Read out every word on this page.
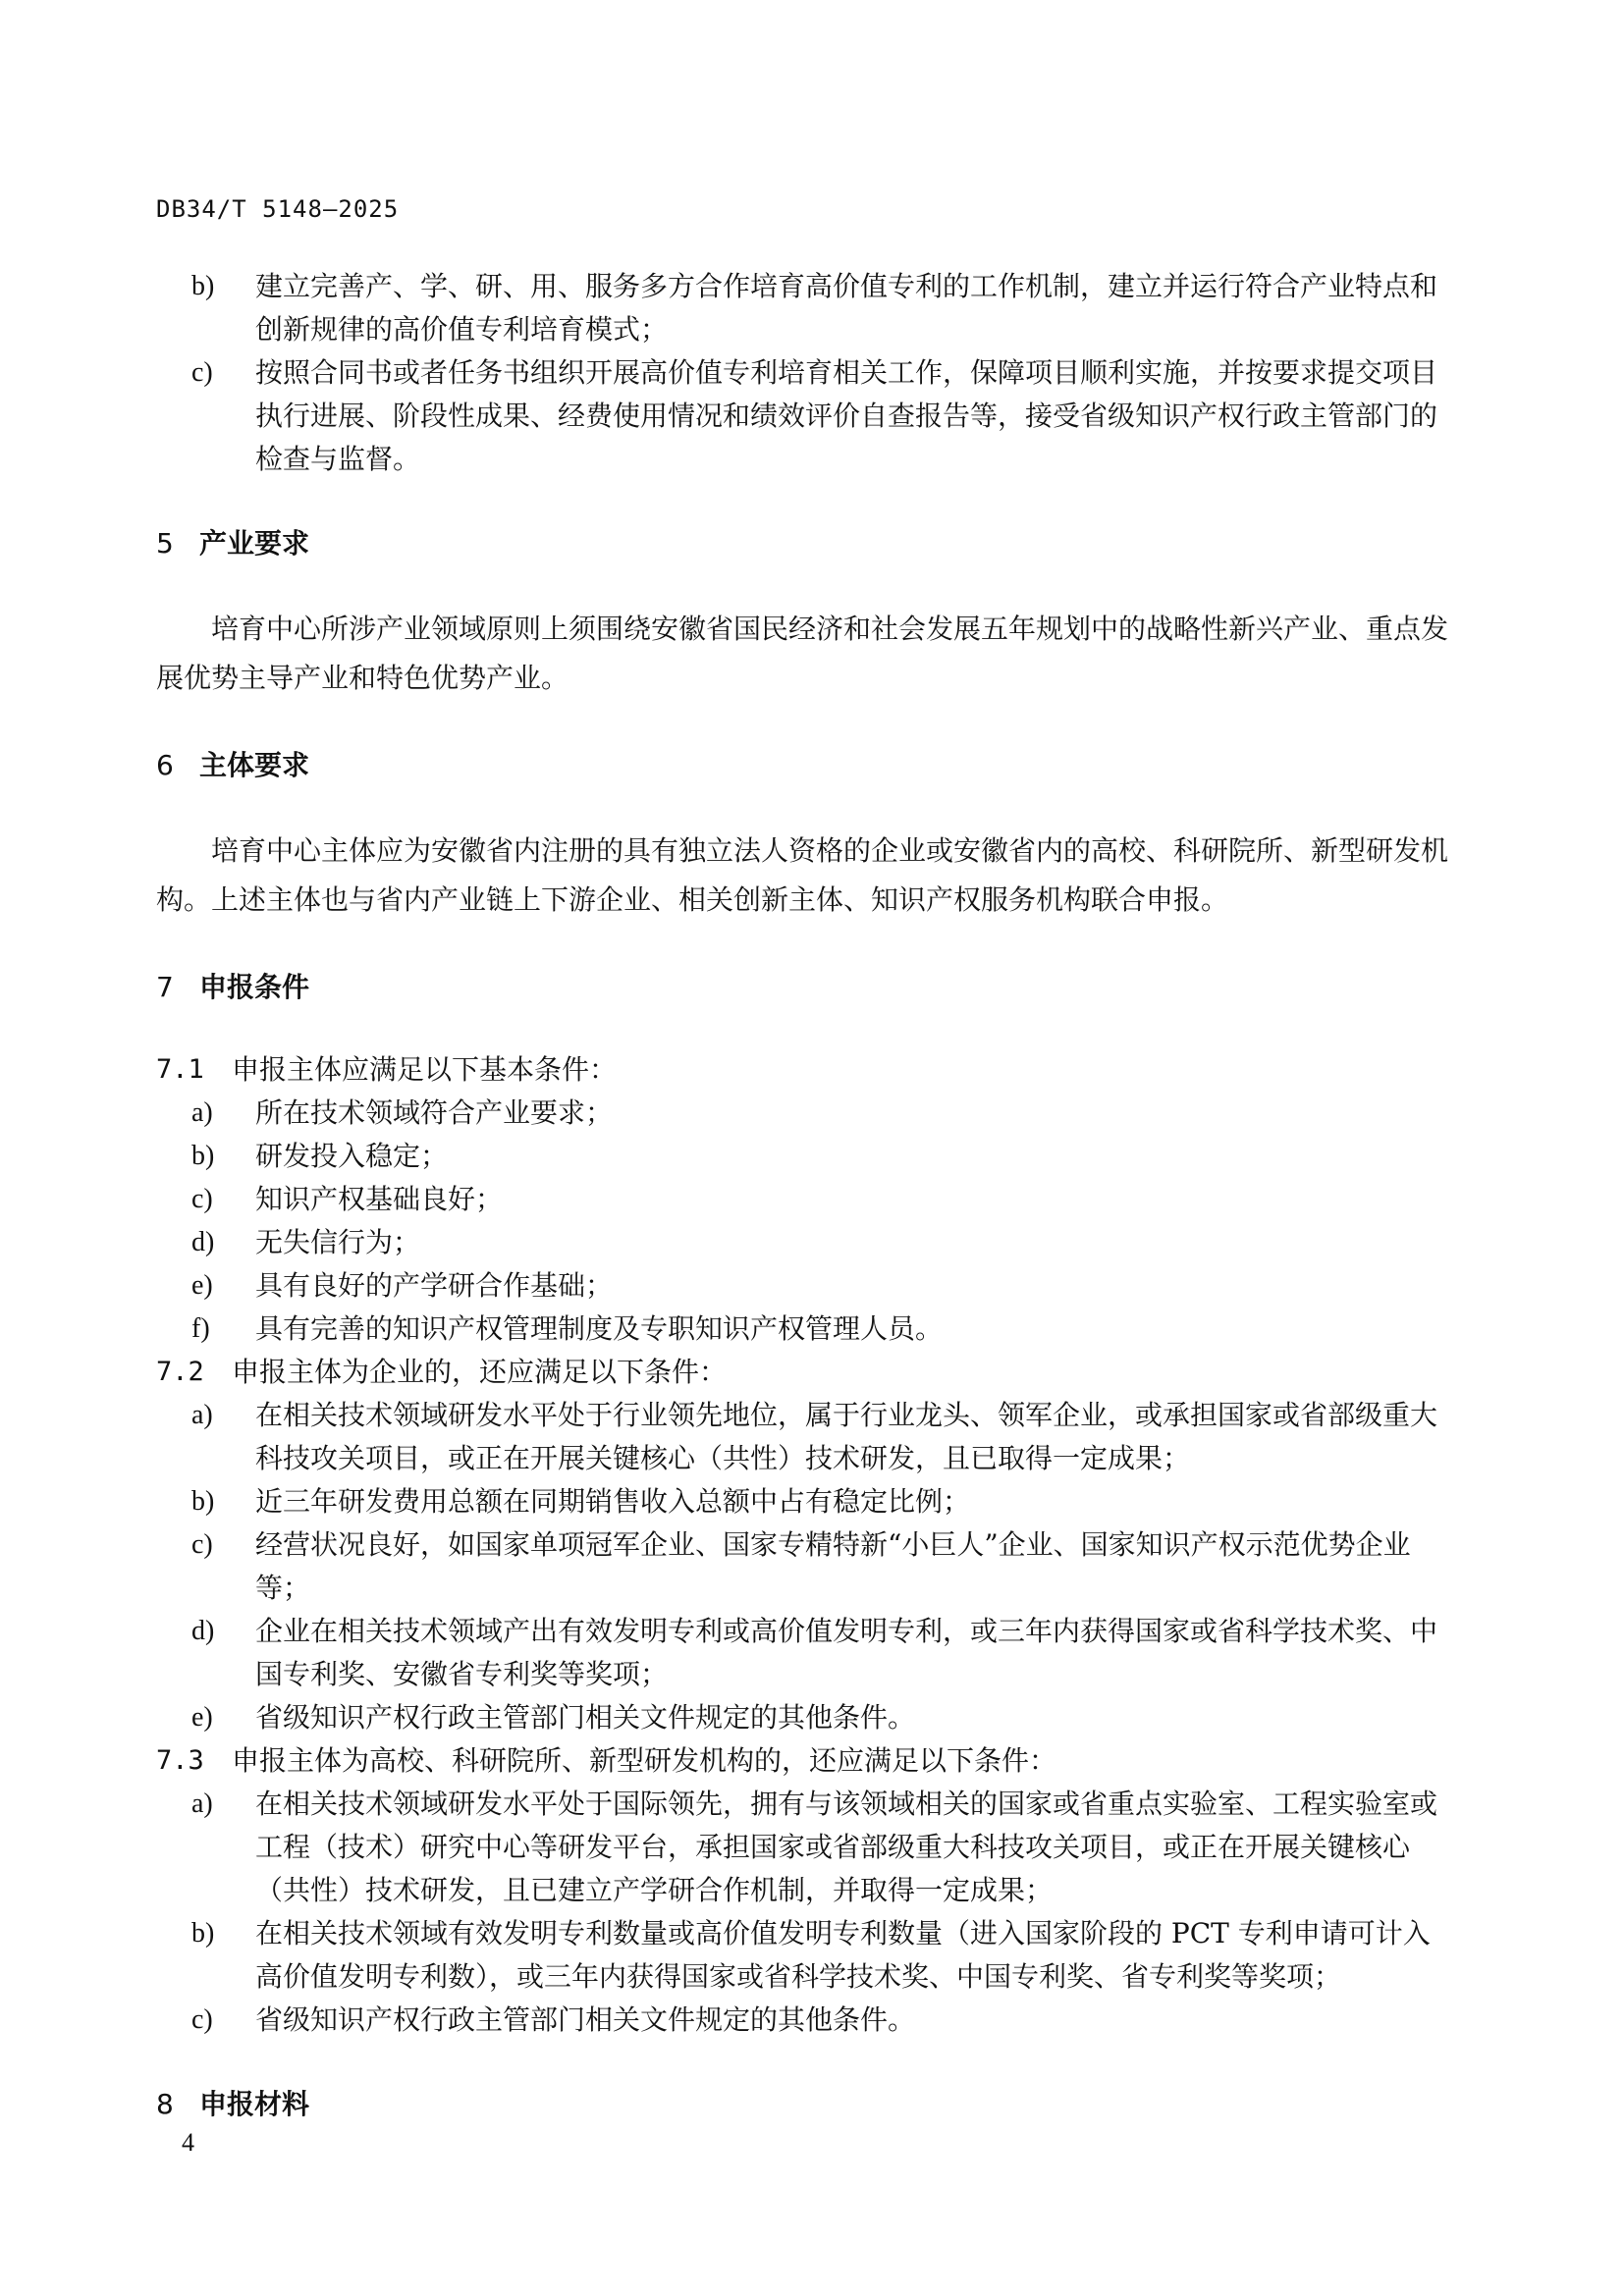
DB34/T 5148—2025
b) 建立完善产、学、研、用、服务多方合作培育高价值专利的工作机制，建立并运行符合产业特点和创新规律的高价值专利培育模式；
c) 按照合同书或者任务书组织开展高价值专利培育相关工作，保障项目顺利实施，并按要求提交项目执行进展、阶段性成果、经费使用情况和绩效评价自查报告等，接受省级知识产权行政主管部门的检查与监督。
5 产业要求
培育中心所涉产业领域原则上须围绕安徽省国民经济和社会发展五年规划中的战略性新兴产业、重点发展优势主导产业和特色优势产业。
6 主体要求
培育中心主体应为安徽省内注册的具有独立法人资格的企业或安徽省内的高校、科研院所、新型研发机构。上述主体也与省内产业链上下游企业、相关创新主体、知识产权服务机构联合申报。
7 申报条件
7.1 申报主体应满足以下基本条件：
a) 所在技术领域符合产业要求；
b) 研发投入稳定；
c) 知识产权基础良好；
d) 无失信行为；
e) 具有良好的产学研合作基础；
f) 具有完善的知识产权管理制度及专职知识产权管理人员。
7.2 申报主体为企业的，还应满足以下条件：
a) 在相关技术领域研发水平处于行业领先地位，属于行业龙头、领军企业，或承担国家或省部级重大科技攻关项目，或正在开展关键核心（共性）技术研发，且已取得一定成果；
b) 近三年研发费用总额在同期销售收入总额中占有稳定比例；
c) 经营状况良好，如国家单项冠军企业、国家专精特新“小巨人”企业、国家知识产权示范优势企业等；
d) 企业在相关技术领域产出有效发明专利或高价值发明专利，或三年内获得国家或省科学技术奖、中国专利奖、安徽省专利奖等奖项；
e) 省级知识产权行政主管部门相关文件规定的其他条件。
7.3 申报主体为高校、科研院所、新型研发机构的，还应满足以下条件：
a) 在相关技术领域研发水平处于国际领先，拥有与该领域相关的国家或省重点实验室、工程实验室或工程（技术）研究中心等研发平台，承担国家或省部级重大科技攻关项目，或正在开展关键核心（共性）技术研发，且已建立产学研合作机制，并取得一定成果；
b) 在相关技术领域有效发明专利数量或高价值发明专利数量（进入国家阶段的 PCT 专利申请可计入高价值发明专利数），或三年内获得国家或省科学技术奖、中国专利奖、省专利奖等奖项；
c) 省级知识产权行政主管部门相关文件规定的其他条件。
8 申报材料
4
